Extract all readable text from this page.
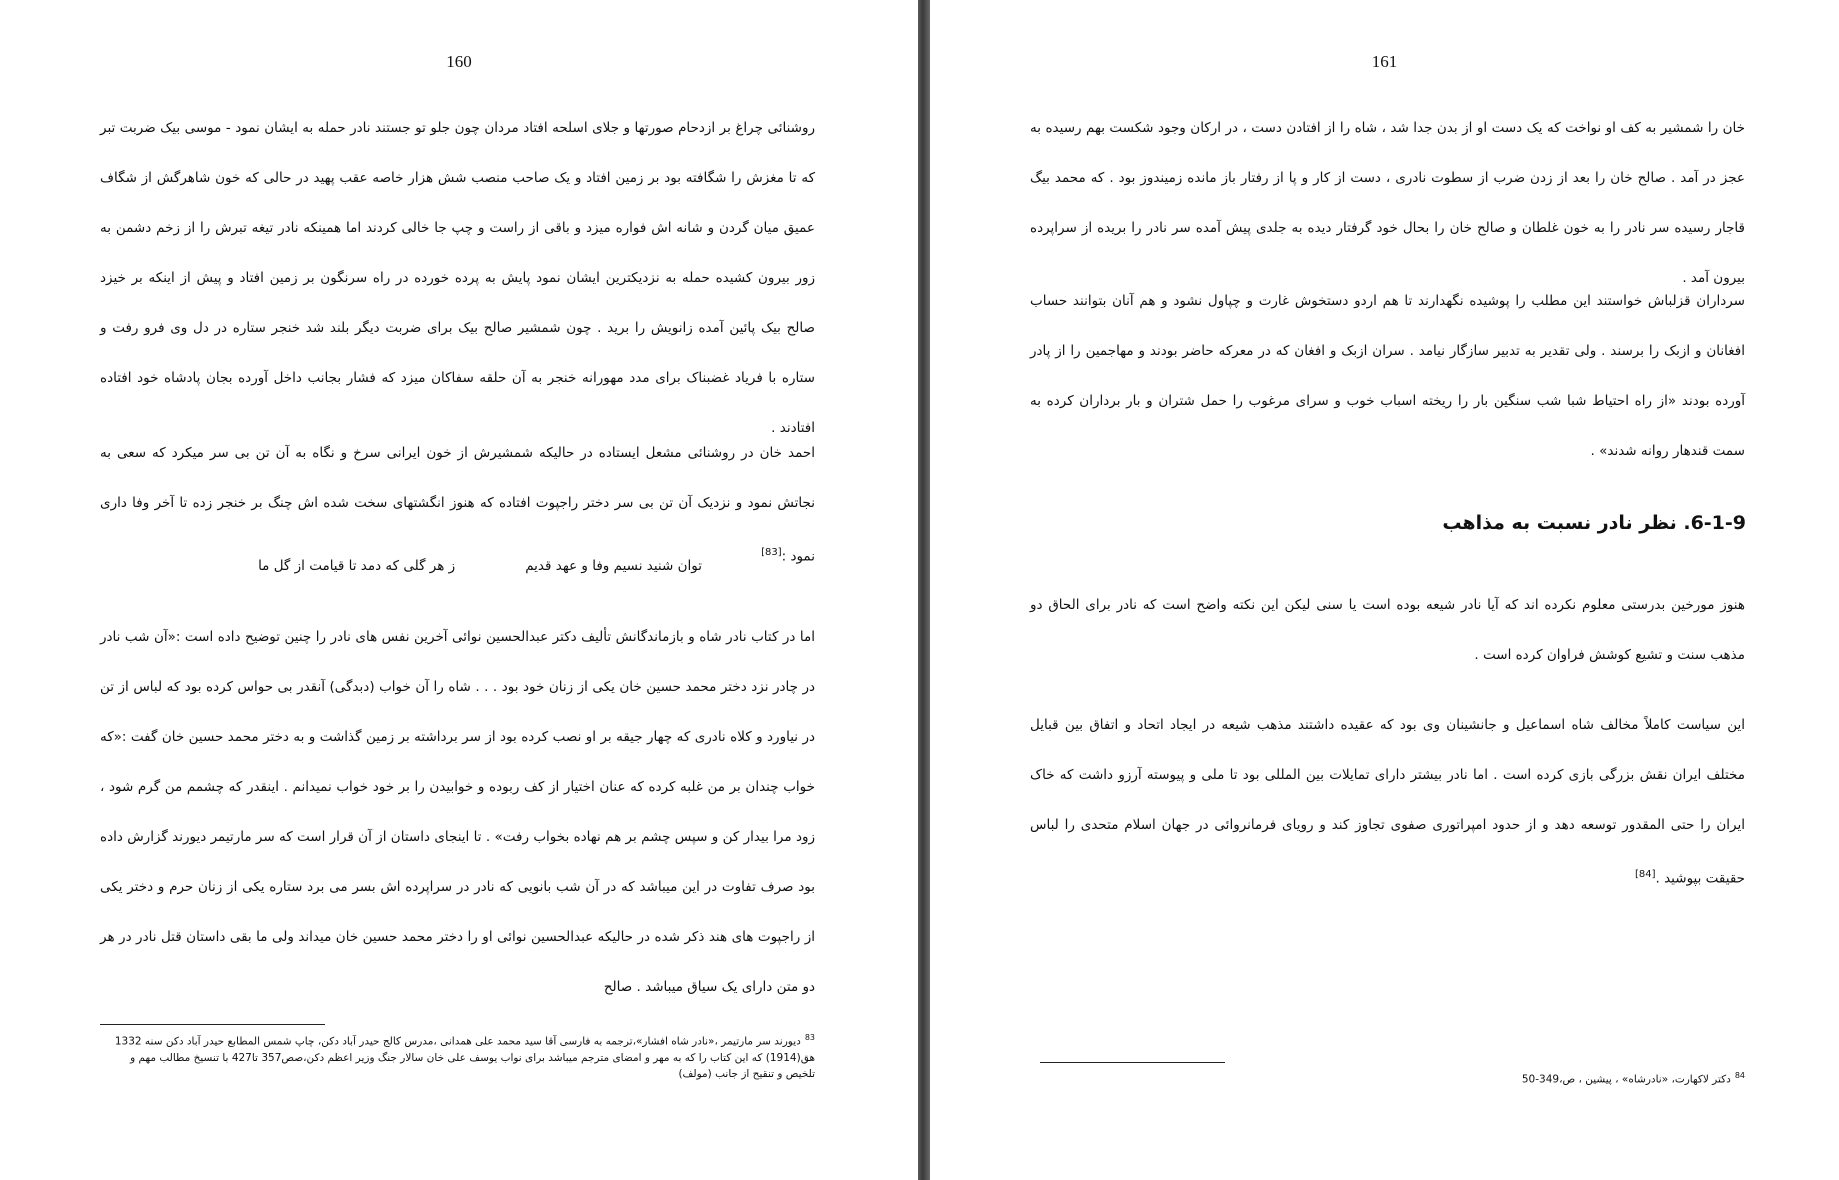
160

روشنائی چراغ بر ازدحام صورتها و جلای اسلحه افتاد مردان چون جلو تو جستند نادر حمله به ایشان نمود - موسی بیک ضربت تبر که تا مغزش را شگافته بود بر زمین افتاد و یک صاحب منصب شش هزار خاصه عقب پهید در حالی که خون شاهرگش از شگاف عمیق میان گردن و شانه اش فواره میزد و باقی از راست و چپ جا خالی کردند اما همینکه نادر تیغه تبرش را از زخم دشمن به زور بیرون کشیده حمله به نزدیکترین ایشان نمود پایش به پرده خورده در راه سرنگون بر زمین افتاد و پیش از اینکه بر خیزد صالح بیک پائین آمده زانویش را برید . چون شمشیر صالح بیک برای ضربت دیگر بلند شد خنجر ستاره در دل وی فرو رفت و ستاره با فریاد غضبناک برای مدد مهورانه خنجر به آن حلقه سفاکان میزد که فشار بجانب داخل آورده بجان پادشاه خود افتاده افتادند .

احمد خان در روشنائی مشعل ایستاده در حالیکه شمشیرش از خون ایرانی سرخ و نگاه به آن تن بی سر میکرد که سعی به نجاتش نمود و نزدیک آن تن بی سر دختر راجپوت افتاده که هنوز انگشتهای سخت شده اش چنگ بر خنجر زده تا آخر وفا داری نمود :[83]

توان شنید نسیم وفا و عهد قدیم
ز هر گلی که دمد تا قیامت از گل ما

اما در کتاب نادر شاه و بازماندگانش تألیف دکتر عبدالحسین نوائی آخرین نفس های نادر را چنین توضیح داده است :«آن شب نادر در چادر نزد دختر محمد حسین خان یکی از زنان خود بود . . . شاه را آن خواب (دبدگی) آنقدر بی حواس کرده بود که لباس از تن در نیاورد و کلاه نادری که چهار جیقه بر او نصب کرده بود از سر برداشته بر زمین گذاشت و به دختر محمد حسین خان گفت :«که خواب چندان بر من غلبه کرده که عنان اختیار از کف ربوده و خوابیدن را بر خود خواب نمیدانم . اینقدر که چشمم من گرم شود ، زود مرا بیدار کن و سپس چشم بر هم نهاده بخواب رفت» . تا اینجای داستان از آن قرار است که سر مارتیمر دیورند گزارش داده بود صرف تفاوت در این میباشد که در آن شب بانویی که نادر در سراپرده اش بسر می برد ستاره یکی از زنان حرم و دختر یکی از راجپوت های هند ذکر شده در حالیکه عبدالحسین نوائی او را دختر محمد حسین خان میداند ولی ما بقی داستان قتل نادر در هر دو متن دارای یک سیاق میباشد . صالح

$^{83}$دیورند سر مارتیمر ،«نادر شاه افشار»،ترجمه به فارسی آقا سید محمد علی همدانی ،مدرس کالج حیدر آباد دکن، چاپ شمس المطابع حیدر آباد دکن سنه 1332 هق(1914) که این کتاب را که به مهر و امضای مترجم میباشد برای نواب یوسف علی خان سالار جنگ وزیر اعظم دکن،صص357 تا427 با تنسیخ مطالب مهم و تلخیص و تنقیح از جانب (مولف)
161

خان را شمشیر به کف او نواخت که یک دست او از بدن جدا شد ، شاه را از افتادن دست ، در ارکان وجود شکست بهم رسیده به عجز در آمد . صالح خان را بعد از زدن ضرب از سطوت نادری ، دست از کار و پا از رفتار باز مانده زمیندوز بود . که محمد بیگ قاجار رسیده سر نادر را به خون غلطان و صالح خان را بحال خود گرفتار دیده به جلدی پیش آمده سر نادر را بریده از سراپرده بیرون آمد .

سرداران قزلباش خواستند این مطلب را پوشیده نگهدارند تا هم اردو دستخوش غارت و چپاول نشود و هم آنان بتوانند حساب افغانان و ازبک را برسند . ولی تقدیر به تدبیر سازگار نیامد . سران ازبک و افغان که در معرکه حاضر بودند و مهاجمین را از پادر آورده بودند «از راه احتیاط شبا شب سنگین بار را ریخته اسباب خوب و سرای مرغوب را حمل شتران و بار برداران کرده به سمت قندهار روانه شدند» .

6-1-9. نظر نادر نسبت به مذاهب

هنوز مورخین بدرستی معلوم نکرده اند که آیا نادر شیعه بوده است یا سنی لیکن این نکته واضح است که نادر برای الحاق دو مذهب سنت و تشیع کوشش فراوان کرده است .

این سیاست کاملاً مخالف شاه اسماعیل و جانشینان وی بود که عقیده داشتند مذهب شیعه در ایجاد اتحاد و اتفاق بین قبایل مختلف ایران نقش بزرگی بازی کرده است . اما نادر بیشتر دارای تمایلات بین المللی بود تا ملی و پیوسته آرزو داشت که خاک ایران را حتی المقدور توسعه دهد و از حدود امپراتوری صفوی تجاوز کند و رویای فرمانروائی در جهان اسلام متحدی را لباس حقیقت بپوشید .[84]

$^{84}$دکتر لاکهارت، «نادرشاه» ، پیشین ، ص،349-50
